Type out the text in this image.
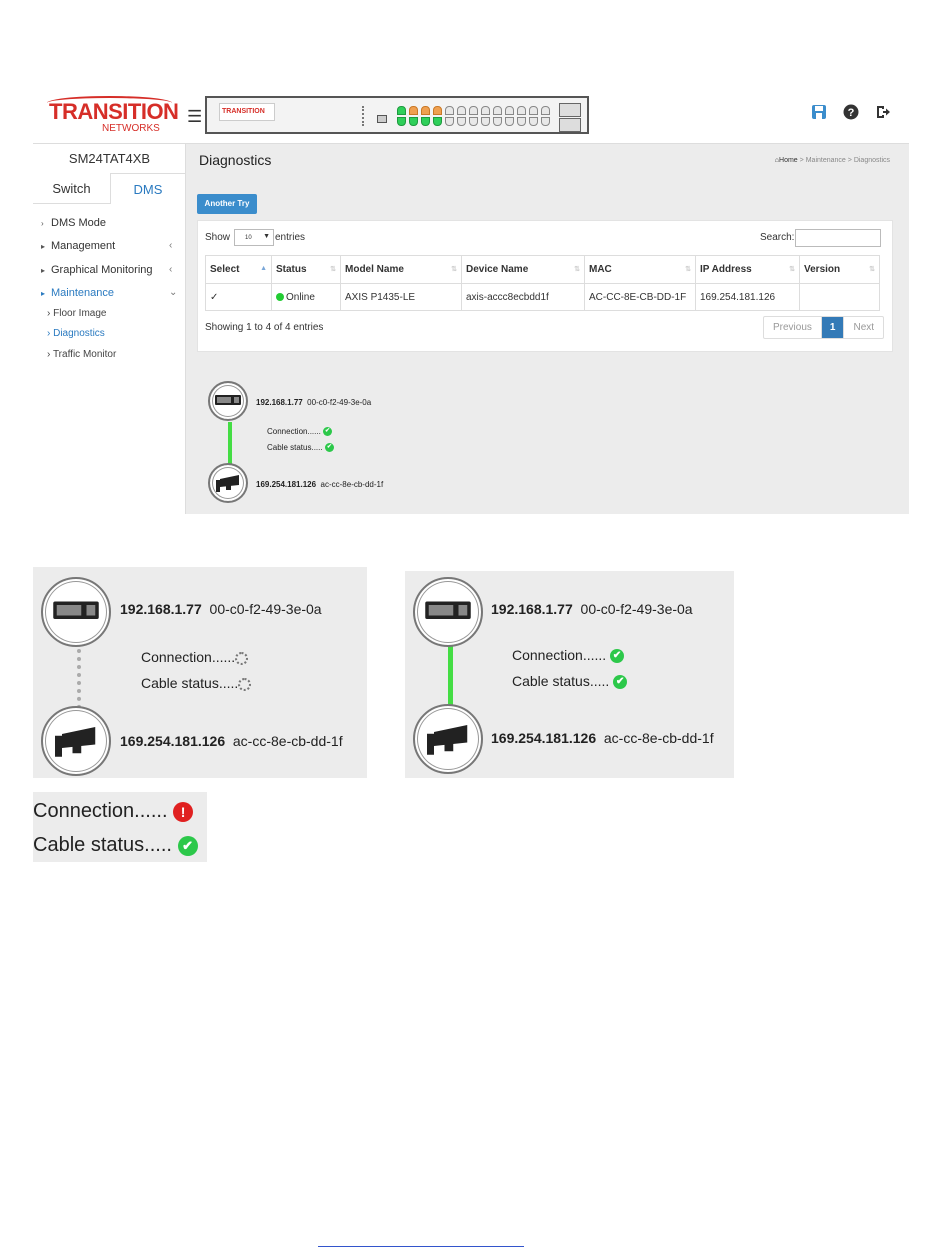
TRANSITION
NETWORKS
☰	TRANSITION	?
SM24TAT4XB
Switch	DMS
› DMS Mode
▸ Management	‹
▸ Graphical Monitoring ‹
▸ Maintenance	⌄
› Floor Image
› Diagnostics
› Traffic Monitor
Diagnostics	⌂Home > Maintenance > Diagnostics
Another Try
Show	10 ▼ entries	Search:
Select ▲	Status ⇅	Model Name ⇅	Device Name ⇅	MAC ⇅	IP Address ⇅	Version ⇅

✓	Online	AXIS P1435-LE	axis-accc8ecbdd1f	AC-CC-8E-CB-DD-1F	169.254.181.126	
Showing 1 to 4 of 4 entries	Previous	1	Next
192.168.1.77 00-c0-f2-49-3e-0a
Connection...... ✔
Cable status..... ✔
169.254.181.126 ac-cc-8e-cb-dd-1f
192.168.1.77 00-c0-f2-49-3e-0a
Connection......
Cable status.....
169.254.181.126 ac-cc-8e-cb-dd-1f
192.168.1.77 00-c0-f2-49-3e-0a
Connection...... ✔
Cable status..... ✔
169.254.181.126 ac-cc-8e-cb-dd-1f
Connection...... !
Cable status..... ✔
